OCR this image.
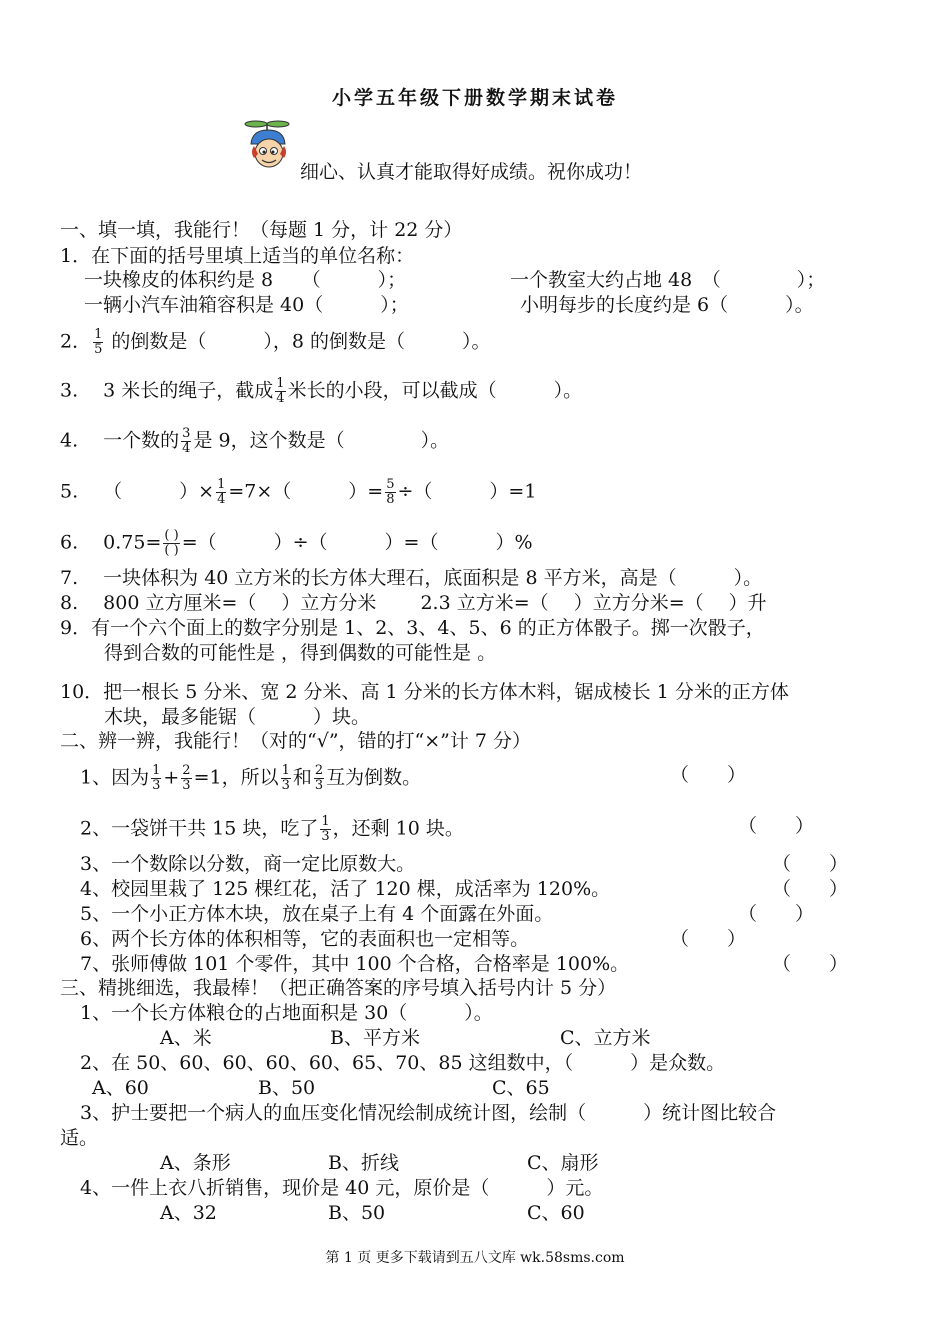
小学五年级下册数学期末试卷
细心、认真才能取得好成绩。祝你成功！
一、填一填，我能行！（每题 1 分，计 22 分）
1．在下面的括号里填上适当的单位名称：
一块橡皮的体积约是 8　　（　　　）；	一个教室大约占地 48　（　　　　）；
一辆小汽车油箱容积是 40（　　　）；	小明每步的长度约是 6（　　　）。
2． $\frac{1}{5}$ 的倒数是（　　　），8 的倒数是（　　　）。
3.　 3 米长的绳子，截成 $\frac{1}{4}$ 米长的小段，可以截成（　　　）。
4.　 一个数的 $\frac{3}{4}$ 是 9，这个数是（　　　　）。
5.　 （　　　）× $\frac{1}{4} =7\times$（　　　）= $\frac{5}{8}$ ÷（　　　）=1
6.　 $0.75= \frac{( )}{( )}$ =（　　　）÷（　　　）=（　　　）%
7.　 一块体积为 40 立方米的长方体大理石，底面积是 8 平方米，高是（　　　）。
8.　 800 立方厘米=（　 ）立方分米　　 2.3 立方米=（　 ）立方分米=（　 ）升
9．有一个六个面上的数字分别是 1、2、3、4、5、6 的正方体骰子。掷一次骰子，
得到合数的可能性是 ，得到偶数的可能性是 。
10．把一根长 5 分米、宽 2 分米、高 1 分米的长方体木料，锯成棱长 1 分米的正方体
木块，最多能锯（　　　）块。
二、辨一辨，我能行！（对的“√”，错的打“×”计 7 分）
1、因为 $\frac{1}{3} + \frac{2}{3} =1$，所以 $\frac{1}{3}$ 和 $\frac{2}{3}$ 互为倒数。	（　　）
2、一袋饼干共 15 块，吃了 $\frac{1}{3}$ ，还剩 10 块。	（　　）
3、一个数除以分数，商一定比原数大。	（　　）
4、校园里栽了 125 棵红花，活了 120 棵，成活率为 120%。	（　　）
5、一个小正方体木块，放在桌子上有 4 个面露在外面。	（　　）
6、两个长方体的体积相等，它的表面积也一定相等。	（　　）
7、张师傅做 101 个零件，其中 100 个合格，合格率是 100%。	（　　）
三、精挑细选，我最棒！（把正确答案的序号填入括号内计 5 分）
1、一个长方体粮仓的占地面积是 30（　　　）。
A、米	B、平方米	C、立方米
2、在 50、60、60、60、60、65、70、85 这组数中，（　　　）是众数。
A、60	B、50	C、65
3、护士要把一个病人的血压变化情况绘制成统计图，绘制（　　　）统计图比较合
适。
A、条形	B、折线	C、扇形
4、一件上衣八折销售，现价是 40 元，原价是（　　　）元。
A、32	B、50	C、60
第 1 页 更多下载请到五八文库 wk.58sms.com
